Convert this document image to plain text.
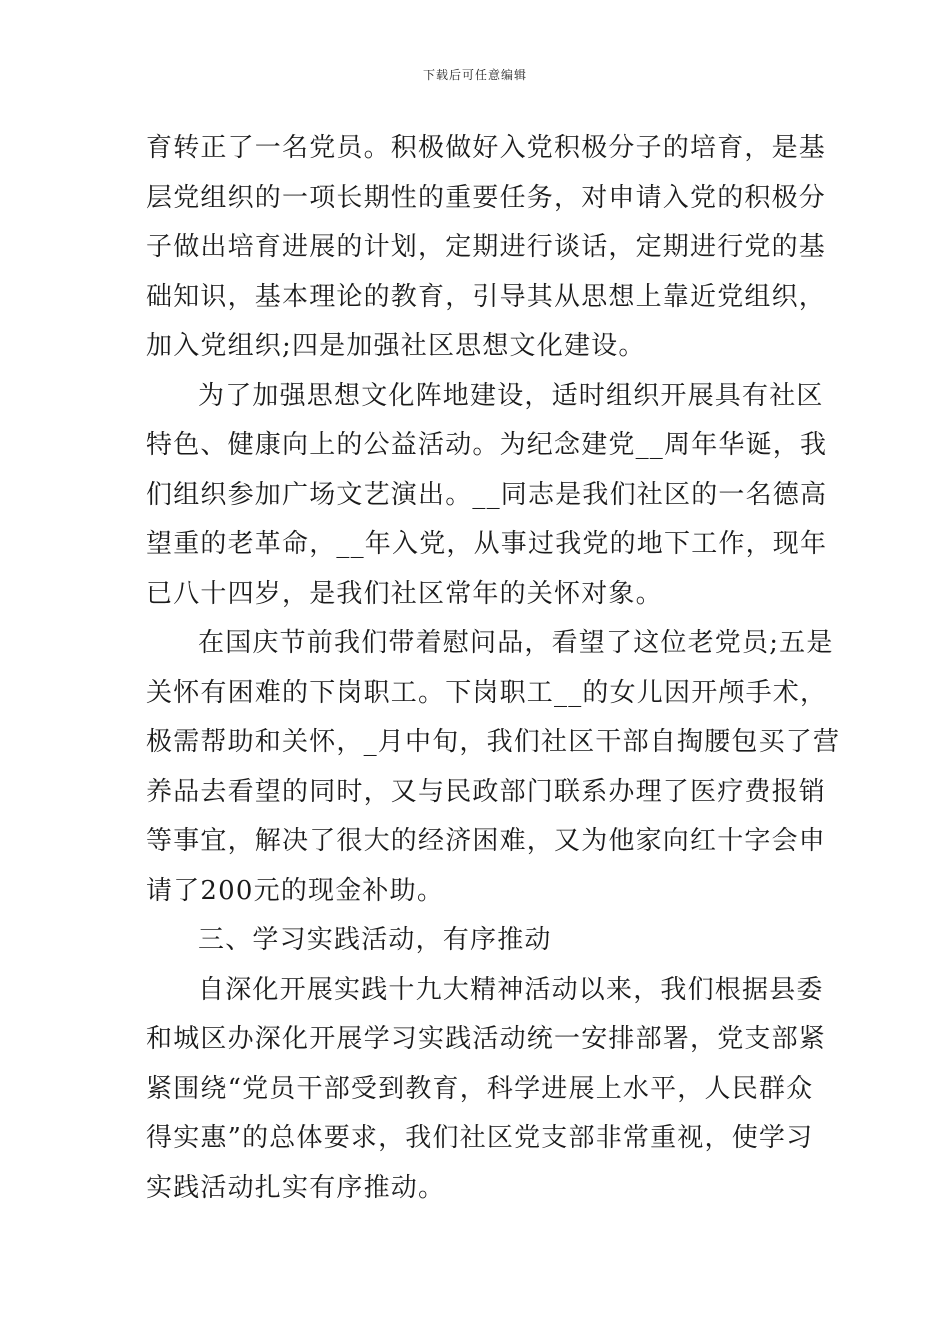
下载后可任意编辑
育转正了一名党员。积极做好入党积极分子的培育，是基
层党组织的一项长期性的重要任务，对申请入党的积极分
子做出培育进展的计划，定期进行谈话，定期进行党的基
础知识，基本理论的教育，引导其从思想上靠近党组织，
加入党组织;四是加强社区思想文化建设。
为了加强思想文化阵地建设，适时组织开展具有社区
特色、健康向上的公益活动。为纪念建党__周年华诞，我
们组织参加广场文艺演出。__同志是我们社区的一名德高
望重的老革命，__年入党，从事过我党的地下工作，现年
已八十四岁，是我们社区常年的关怀对象。
在国庆节前我们带着慰问品，看望了这位老党员;五是
关怀有困难的下岗职工。下岗职工__的女儿因开颅手术，
极需帮助和关怀，_月中旬，我们社区干部自掏腰包买了营
养品去看望的同时，又与民政部门联系办理了医疗费报销
等事宜，解决了很大的经济困难，又为他家向红十字会申
请了200元的现金补助。
三、学习实践活动，有序推动
自深化开展实践十九大精神活动以来，我们根据县委
和城区办深化开展学习实践活动统一安排部署，党支部紧
紧围绕“党员干部受到教育，科学进展上水平，人民群众
得实惠”的总体要求，我们社区党支部非常重视，使学习
实践活动扎实有序推动。
